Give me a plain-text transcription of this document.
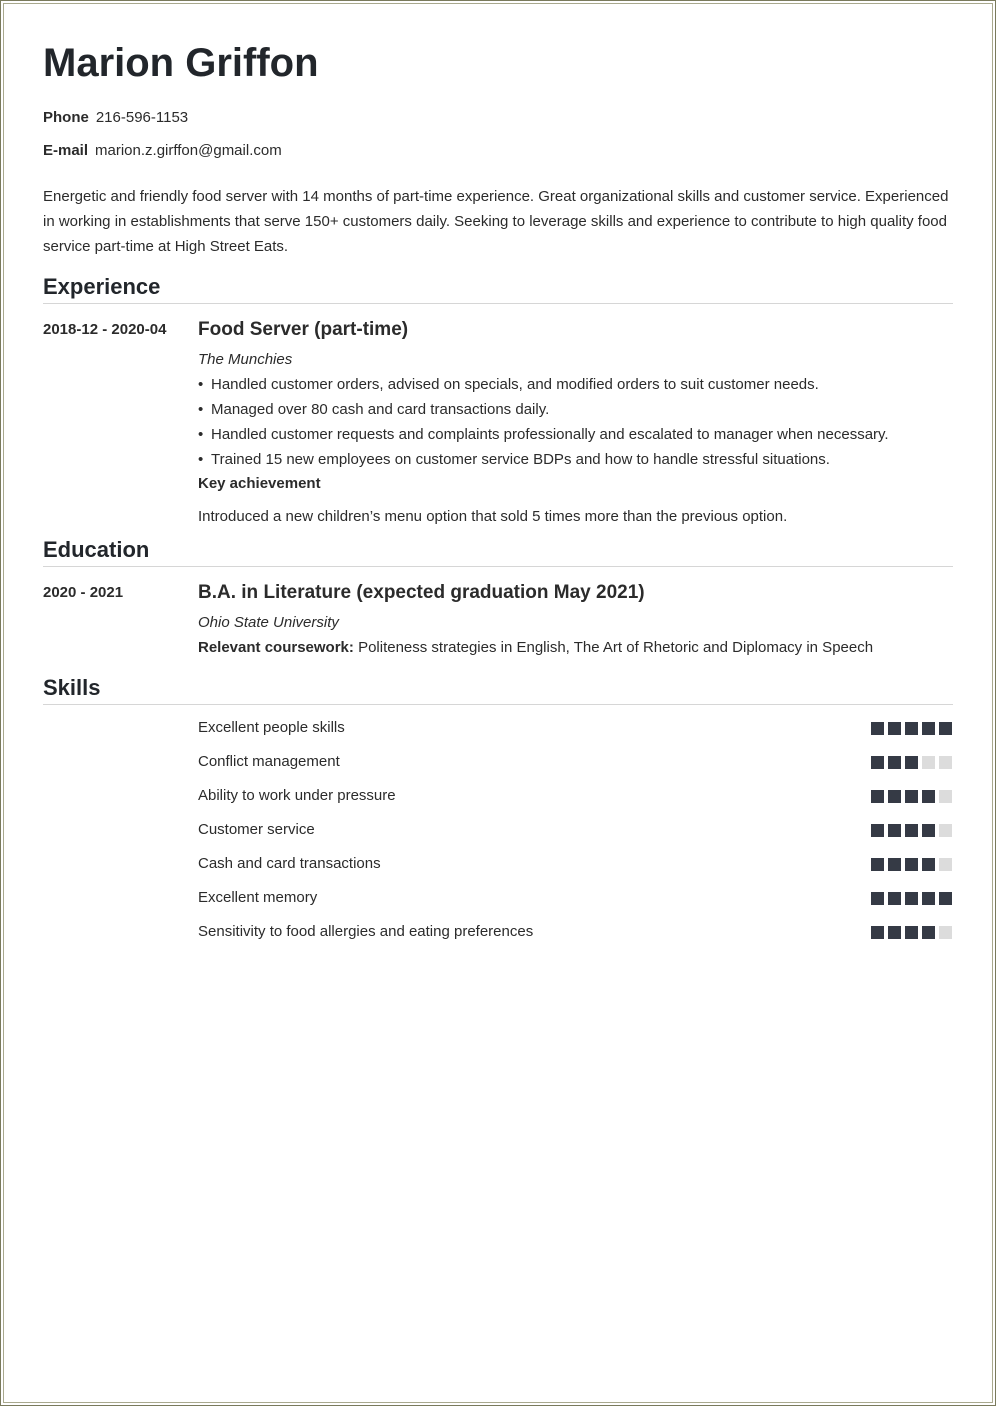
Marion Griffon
Phone 216-596-1153
E-mail marion.z.girffon@gmail.com

Energetic and friendly food server with 14 months of part-time experience. Great organizational skills and customer service. Experienced in working in establishments that serve 150+ customers daily. Seeking to leverage skills and experience to contribute to high quality food service part-time at High Street Eats.

Experience
2018-12 - 2020-04 Food Server (part-time)

The Munchies

• Handled customer orders, advised on specials, and modified orders to suit customer needs.
• Managed over 80 cash and card transactions daily.
• Handled customer requests and complaints professionally and escalated to manager when necessary.
• Trained 15 new employees on customer service BDPs and how to handle stressful situations.

Key achievement

Introduced a new children’s menu option that sold 5 times more than the previous option.

Education
2020 - 2021	B.A. in Literature (expected graduation May 2021)

Ohio State University

Relevant coursework: Politeness strategies in English, The Art of Rhetoric and Diplomacy in Speech

Skills
Excellent people skills
Conflict management
Ability to work under pressure
Customer service
Cash and card transactions
Excellent memory
Sensitivity to food allergies and eating preferences
